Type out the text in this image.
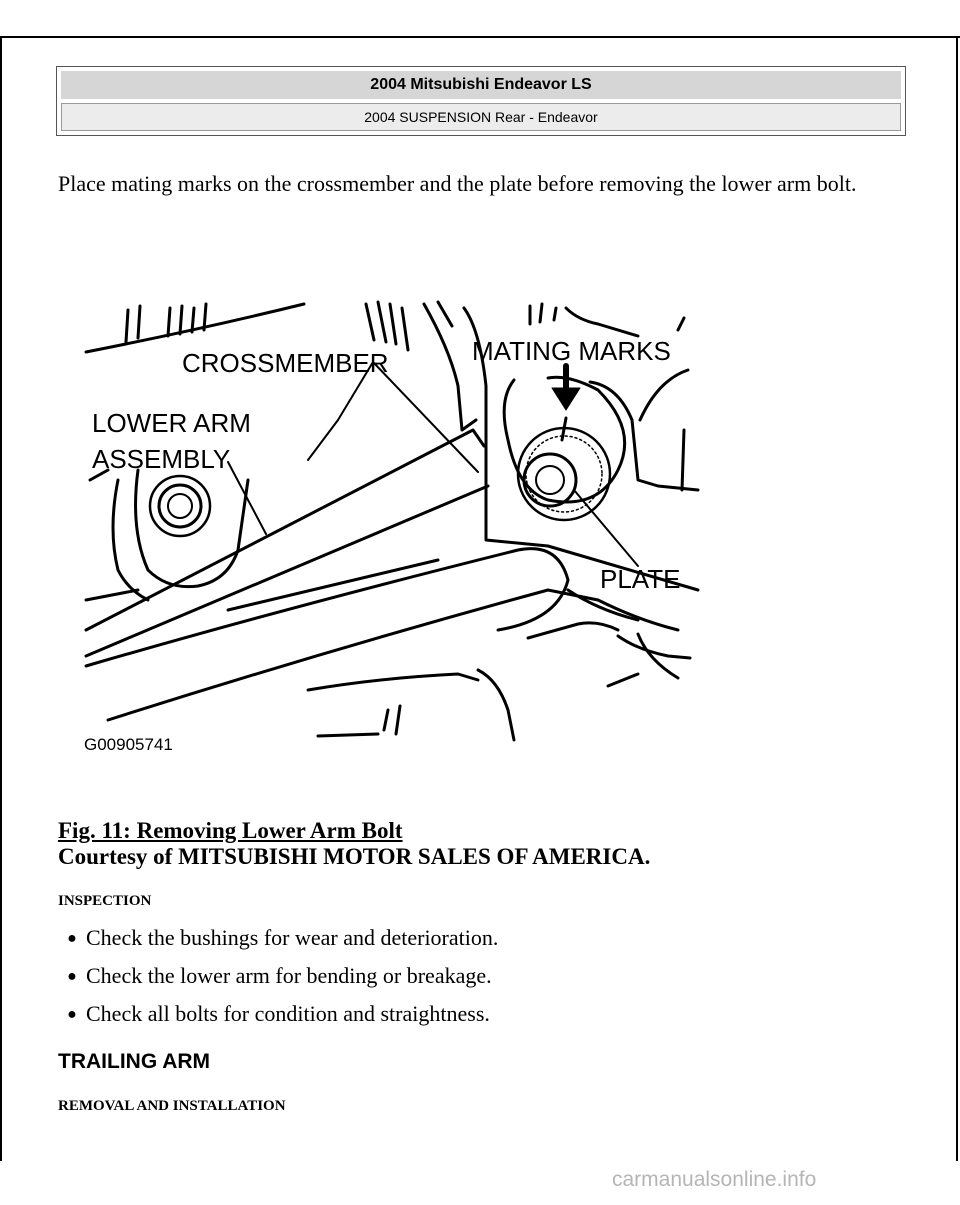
2004 Mitsubishi Endeavor LS
2004 SUSPENSION Rear - Endeavor

Place mating marks on the crossmember and the plate before removing the lower arm bolt.

CROSSMEMBER	MATING MARKS
LOWER ARM
ASSEMBLY
PLATE
G00905741
Fig. 11: Removing Lower Arm Bolt
Courtesy of MITSUBISHI MOTOR SALES OF AMERICA.
INSPECTION
● Check the bushings for wear and deterioration.
● Check the lower arm for bending or breakage.
● Check all bolts for condition and straightness.
TRAILING ARM
REMOVAL AND INSTALLATION
carmanualsonline.info
